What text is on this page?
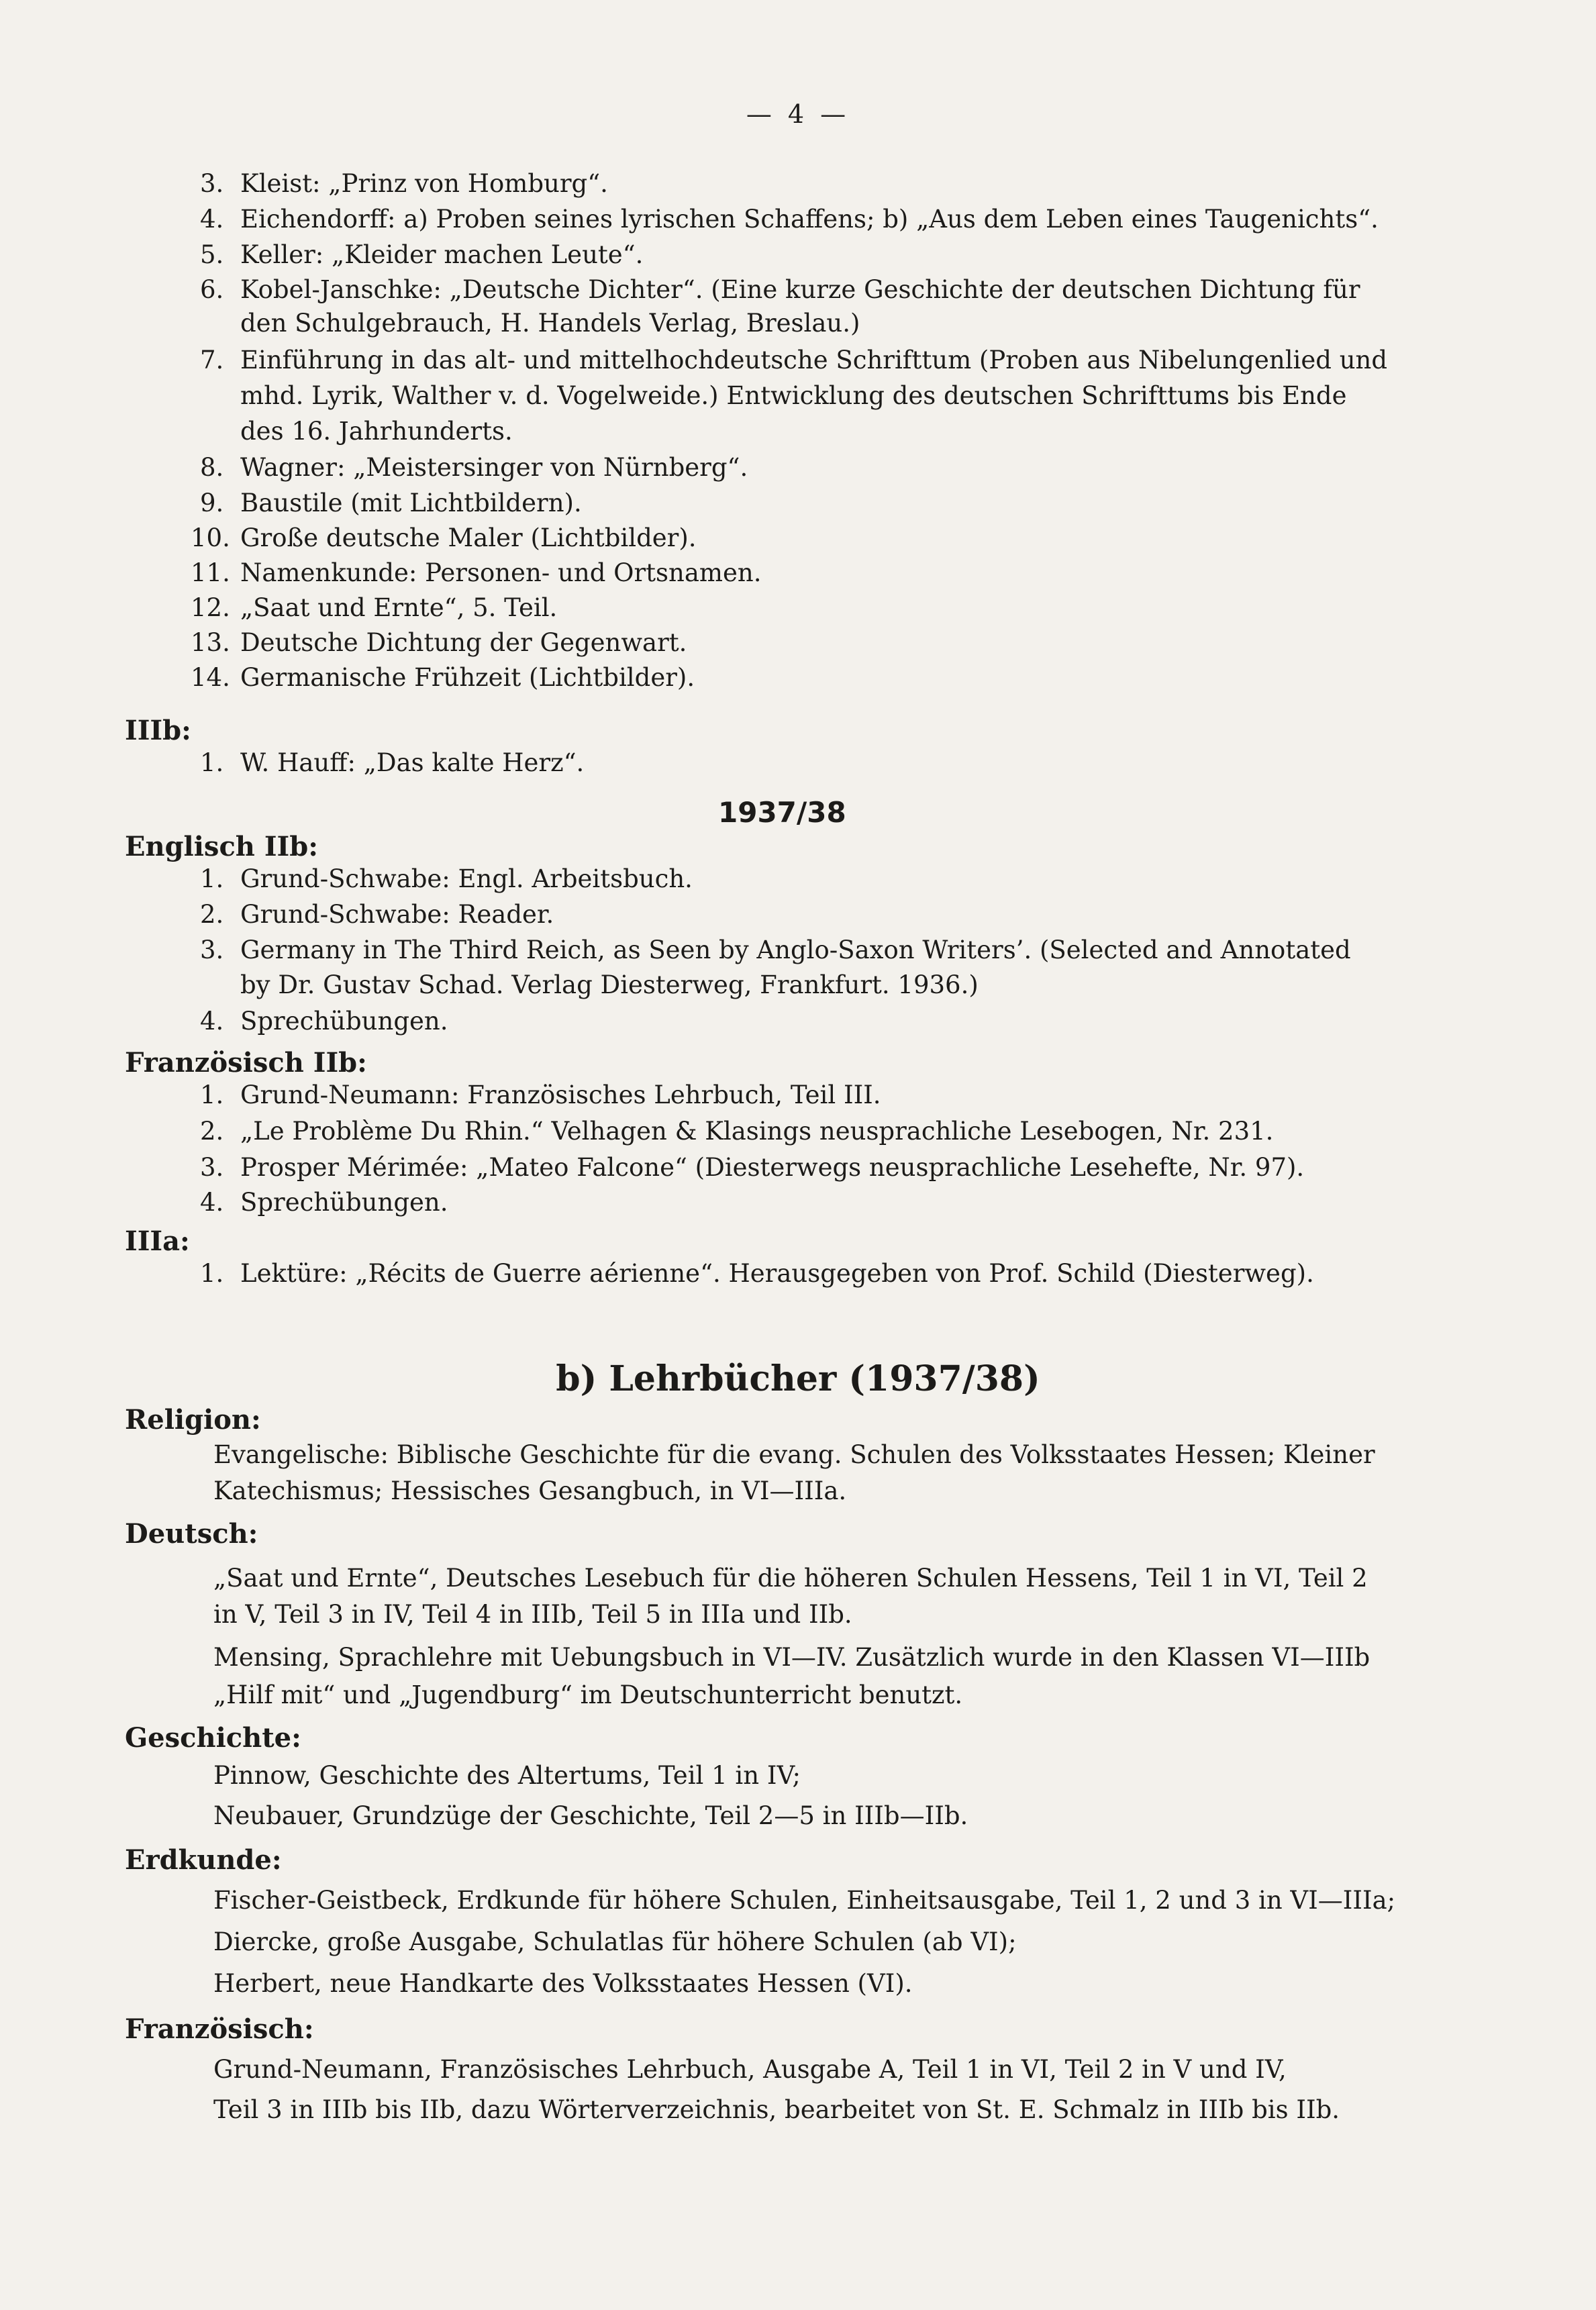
— 4 —
3. Kleist: „Prinz von Homburg“.
4. Eichendorff: a) Proben seines lyrischen Schaffens; b) „Aus dem Leben eines Taugenichts“.
5. Keller: „Kleider machen Leute“.
6. Kobel-Janschke: „Deutsche Dichter“. (Eine kurze Geschichte der deutschen Dichtung für
den Schulgebrauch, H. Handels Verlag, Breslau.)
7. Einführung in das alt- und mittelhochdeutsche Schrifttum (Proben aus Nibelungenlied und
mhd. Lyrik, Walther v. d. Vogelweide.) Entwicklung des deutschen Schrifttums bis Ende
des 16. Jahrhunderts.
8. Wagner: „Meistersinger von Nürnberg“.
9. Baustile (mit Lichtbildern).
10. Große deutsche Maler (Lichtbilder).
11. Namenkunde: Personen- und Ortsnamen.
12. „Saat und Ernte“, 5. Teil.
13. Deutsche Dichtung der Gegenwart.
14. Germanische Frühzeit (Lichtbilder).
IIIb:
1. W. Hauff: „Das kalte Herz“.
1937/38
Englisch IIb:
1. Grund-Schwabe: Engl. Arbeitsbuch.
2. Grund-Schwabe: Reader.
3. Germany in The Third Reich, as Seen by Anglo-Saxon Writers’. (Selected and Annotated
by Dr. Gustav Schad. Verlag Diesterweg, Frankfurt. 1936.)
4. Sprechübungen.
Französisch IIb:
1. Grund-Neumann: Französisches Lehrbuch, Teil III.
2. „Le Problème Du Rhin.“ Velhagen & Klasings neusprachliche Lesebogen, Nr. 231.
3. Prosper Mérimée: „Mateo Falcone“ (Diesterwegs neusprachliche Lesehefte, Nr. 97).
4. Sprechübungen.
IIIa:
1. Lektüre: „Récits de Guerre aérienne“. Herausgegeben von Prof. Schild (Diesterweg).
b) Lehrbücher (1937/38)
Religion:
Evangelische: Biblische Geschichte für die evang. Schulen des Volksstaates Hessen; Kleiner
Katechismus; Hessisches Gesangbuch, in VI—IIIa.
Deutsch:
„Saat und Ernte“, Deutsches Lesebuch für die höheren Schulen Hessens, Teil 1 in VI, Teil 2
in V, Teil 3 in IV, Teil 4 in IIIb, Teil 5 in IIIa und IIb.
Mensing, Sprachlehre mit Uebungsbuch in VI—IV. Zusätzlich wurde in den Klassen VI—IIIb
„Hilf mit“ und „Jugendburg“ im Deutschunterricht benutzt.
Geschichte:
Pinnow, Geschichte des Altertums, Teil 1 in IV;
Neubauer, Grundzüge der Geschichte, Teil 2—5 in IIIb—IIb.
Erdkunde:
Fischer-Geistbeck, Erdkunde für höhere Schulen, Einheitsausgabe, Teil 1, 2 und 3 in VI—IIIa;
Diercke, große Ausgabe, Schulatlas für höhere Schulen (ab VI);
Herbert, neue Handkarte des Volksstaates Hessen (VI).
Französisch:
Grund-Neumann, Französisches Lehrbuch, Ausgabe A, Teil 1 in VI, Teil 2 in V und IV,
Teil 3 in IIIb bis IIb, dazu Wörterverzeichnis, bearbeitet von St. E. Schmalz in IIIb bis IIb.
